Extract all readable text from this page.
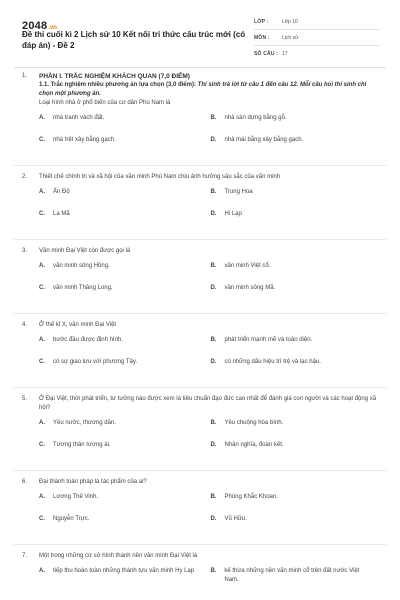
2048.vn
Đề thi cuối kì 2 Lịch sử 10 Kết nối tri thức cấu trúc mới (có đáp án) - Đề 2
LỚP :	Lớp 10
MÔN :	Lịch sử
SỐ CÂU : 17
1. PHẦN I. TRẮC NGHIỆM KHÁCH QUAN (7,0 ĐIỂM)
1.1. Trắc nghiệm nhiều phương án lựa chọn (3,0 điểm): Thí sinh trả lời từ câu 1 đến câu 12. Mỗi câu hỏi thí sinh chỉ chọn một phương án.
Loại hình nhà ở phổ biến của cư dân Phù Nam là
A.	nhà tranh vách đất.	B.	nhà sàn dựng bằng gỗ.
C.	nhà trệt xây bằng gạch.	D.	nhà mái bằng xây bằng gạch.
2. Thiết chế chính trị và xã hội của văn minh Phù Nam chịu ảnh hưởng sâu sắc của văn minh
A.	Ấn Độ	B.	Trung Hoa
C.	La Mã	D.	Hi Lạp
3. Văn minh Đại Việt còn được gọi là
A.	văn minh sông Hồng.	B.	văn minh Việt cổ.
C.	văn minh Thăng Long.	D.	văn minh sông Mã.
4. Ở thế kỉ X, văn minh Đại Việt
A.	bước đầu được định hình.	B.	phát triển mạnh mẽ và toàn diện.
C.	có sự giao lưu với phương Tây.	D.	có những dấu hiệu trì trệ và lạc hậu.
5. Ở Đại Việt, thời phát triển, tư tưởng nào được xem là tiêu chuẩn đạo đức cao nhất để đánh giá con người và các hoạt động xã hội?
A.	Yêu nước, thương dân.	B.	Yêu chuộng hòa bình.
C.	Tương thân tương ái.	D.	Nhân nghĩa, đoàn kết.
6. Đại thành toán pháp là tác phẩm của ai?
A.	Lương Thế Vinh.	B.	Phùng Khắc Khoan.
C.	Nguyễn Trực.	D.	Vũ Hữu.
7. Một trong những cơ sở hình thành nền văn minh Đại Việt là
A.	tiếp thu hoàn toàn những thành tựu văn minh Hy Lạp	B.	kế thừa những nền văn minh cổ trên đất nước Việt Nam.
